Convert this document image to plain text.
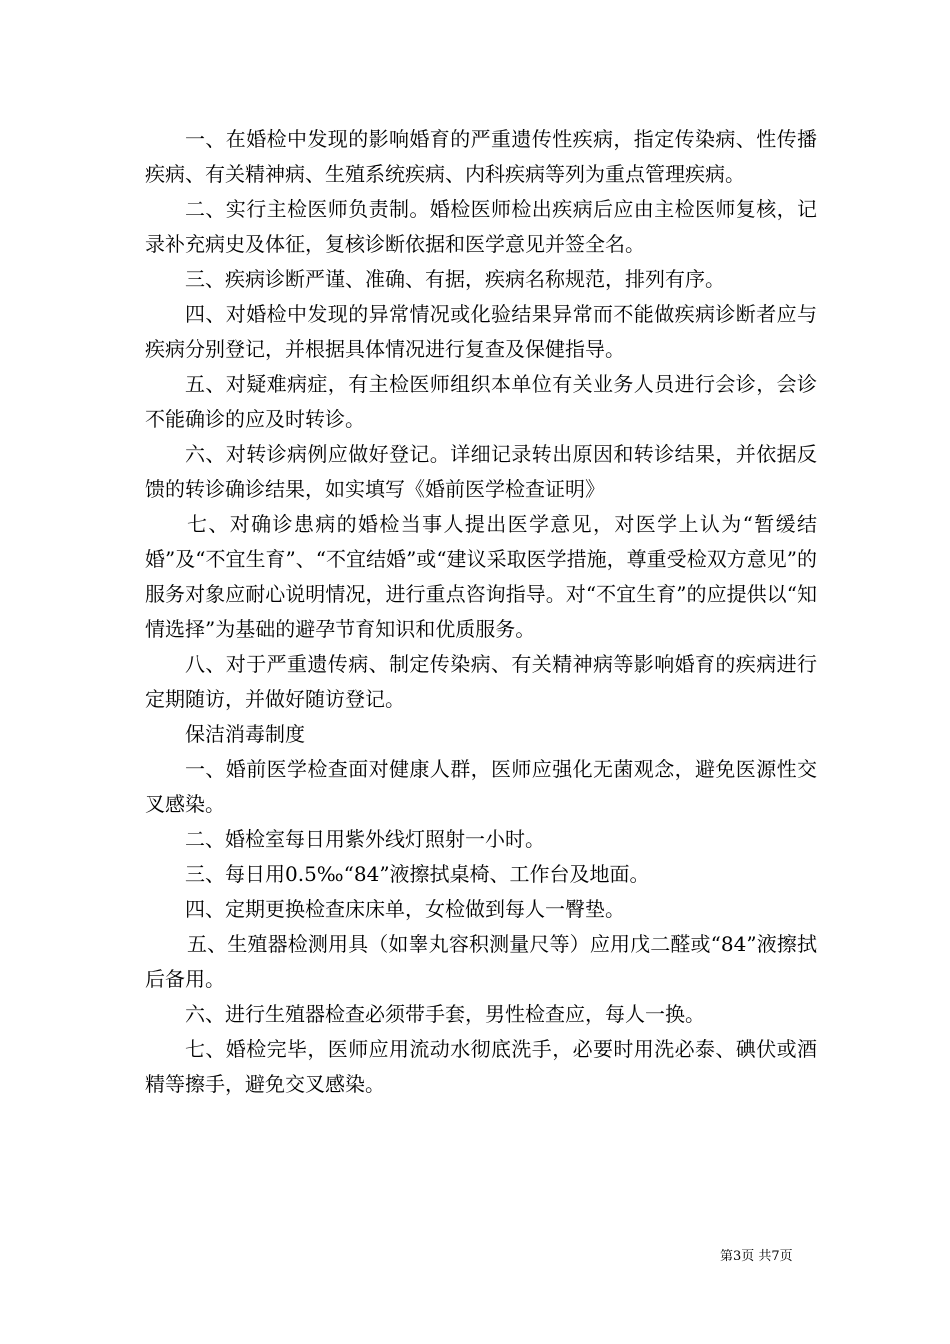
一、在婚检中发现的影响婚育的严重遗传性疾病，指定传染病、性传播疾病、有关精神病、生殖系统疾病、内科疾病等列为重点管理疾病。

二、实行主检医师负责制。婚检医师检出疾病后应由主检医师复核，记录补充病史及体征，复核诊断依据和医学意见并签全名。

三、疾病诊断严谨、准确、有据，疾病名称规范，排列有序。

四、对婚检中发现的异常情况或化验结果异常而不能做疾病诊断者应与疾病分别登记，并根据具体情况进行复查及保健指导。

五、对疑难病症，有主检医师组织本单位有关业务人员进行会诊，会诊不能确诊的应及时转诊。

六、对转诊病例应做好登记。详细记录转出原因和转诊结果，并依据反馈的转诊确诊结果，如实填写《婚前医学检查证明》

七、对确诊患病的婚检当事人提出医学意见，对医学上认为“暂缓结婚”及“不宜生育”、“不宜结婚”或“建议采取医学措施，尊重受检双方意见”的服务对象应耐心说明情况，进行重点咨询指导。对“不宜生育”的应提供以“知情选择”为基础的避孕节育知识和优质服务。

八、对于严重遗传病、制定传染病、有关精神病等影响婚育的疾病进行定期随访，并做好随访登记。

保洁消毒制度

一、婚前医学检查面对健康人群，医师应强化无菌观念，避免医源性交叉感染。

二、婚检室每日用紫外线灯照射一小时。

三、每日用0.5‰“84”液擦拭桌椅、工作台及地面。

四、定期更换检查床床单，女检做到每人一臀垫。

五、生殖器检测用具（如睾丸容积测量尺等）应用戊二醛或“84”液擦拭后备用。

六、进行生殖器检查必须带手套，男性检查应，每人一换。

七、婚检完毕，医师应用流动水彻底洗手，必要时用洗必泰、碘伏或酒精等擦手，避免交叉感染。

第3页 共7页
